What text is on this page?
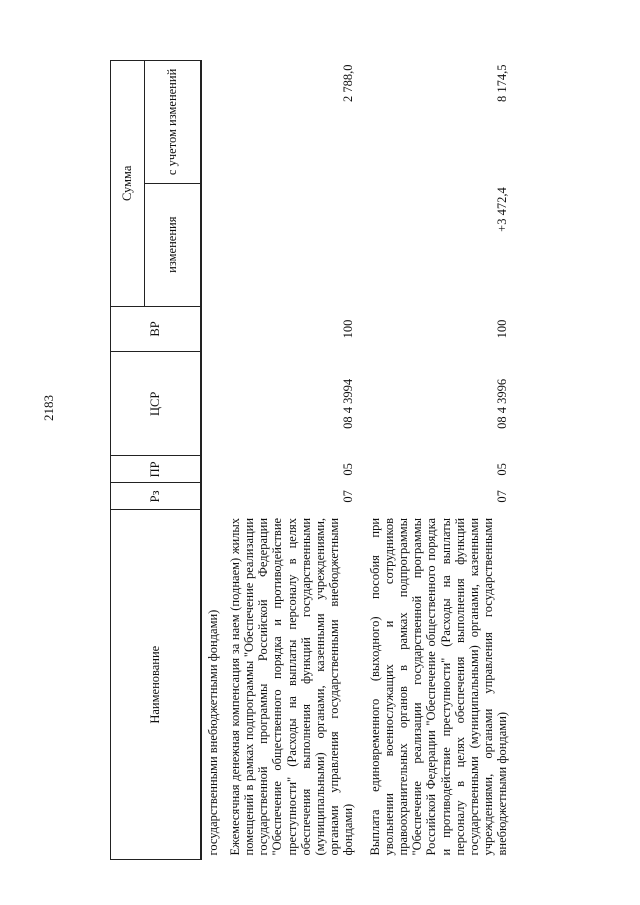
2183
Наименование	Рз	ПР	ЦСР	ВР	Сумма	
					изменения	с учетом изменений
государственными внебюджетными фондами)						
Ежемесячная денежная компенсация за наем (поднаем) жилых помещений в рамках подпрограммы "Обеспечение реализации государственной программы Российской Федерации "Обеспечение общественного порядка и противодействие преступности" (Расходы на выплаты персоналу в целях обеспечения выполнения функций государственными (муниципальными) органами, казенными учреждениями, органами управления государственными внебюджетными фондами)	07	05	08 4 3994	100		2 788,0
Выплата единовременного (выходного) пособия при увольнении военнослужащих и сотрудников правоохранительных органов в рамках подпрограммы "Обеспечение реализации государственной программы Российской Федерации "Обеспечение общественного порядка и противодействие преступности" (Расходы на выплаты персоналу в целях обеспечения выполнения функций государственными (муниципальными) органами, казенными учреждениями, органами управления государственными внебюджетными фондами)	07	05	08 4 3996	100	+3 472,4	8 174,5
